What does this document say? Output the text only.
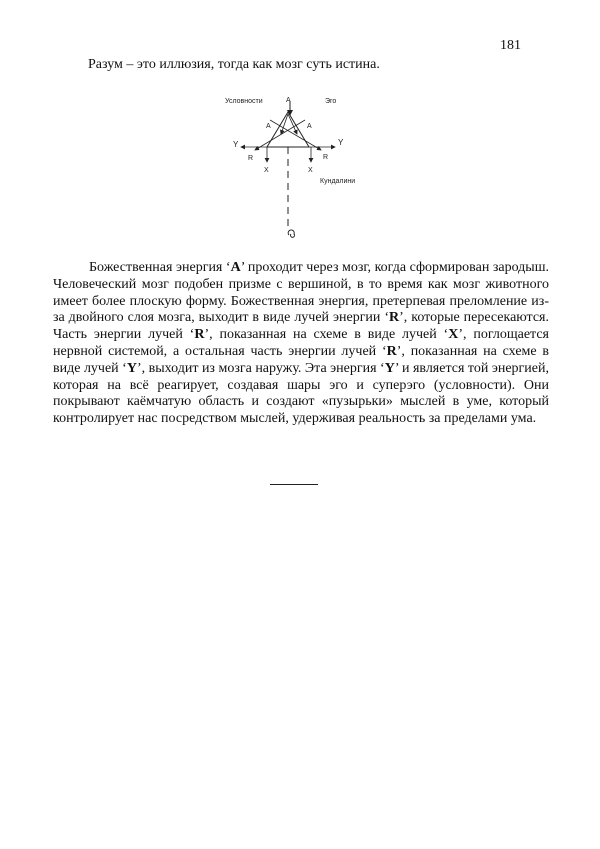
181
Разум – это иллюзия, тогда как мозг суть истина.
Условности	Эго
Кундалини
A
A	A
Y	Y
R	R
X	X

Божественная энергия ‘A’ проходит через мозг, когда сформирован зародыш. Человеческий мозг подобен призме с вершиной, в то время как мозг животного имеет более плоскую форму. Божественная энергия, претерпевая преломление из-за двойного слоя мозга, выходит в виде лучей энергии ‘R’, которые пересекаются. Часть энергии лучей ‘R’, показанная на схеме в виде лучей ‘X’, поглощается нервной системой, а остальная часть энергии лучей ‘R’, показанная на схеме в виде лучей ‘Y’, выходит из мозга наружу. Эта энергия ‘Y’ и является той энергией, которая на всё реагирует, создавая шары эго и суперэго (условности). Они покрывают каёмчатую область и создают «пузырьки» мыслей в уме, который контролирует нас посредством мыслей, удерживая реальность за пределами ума.
